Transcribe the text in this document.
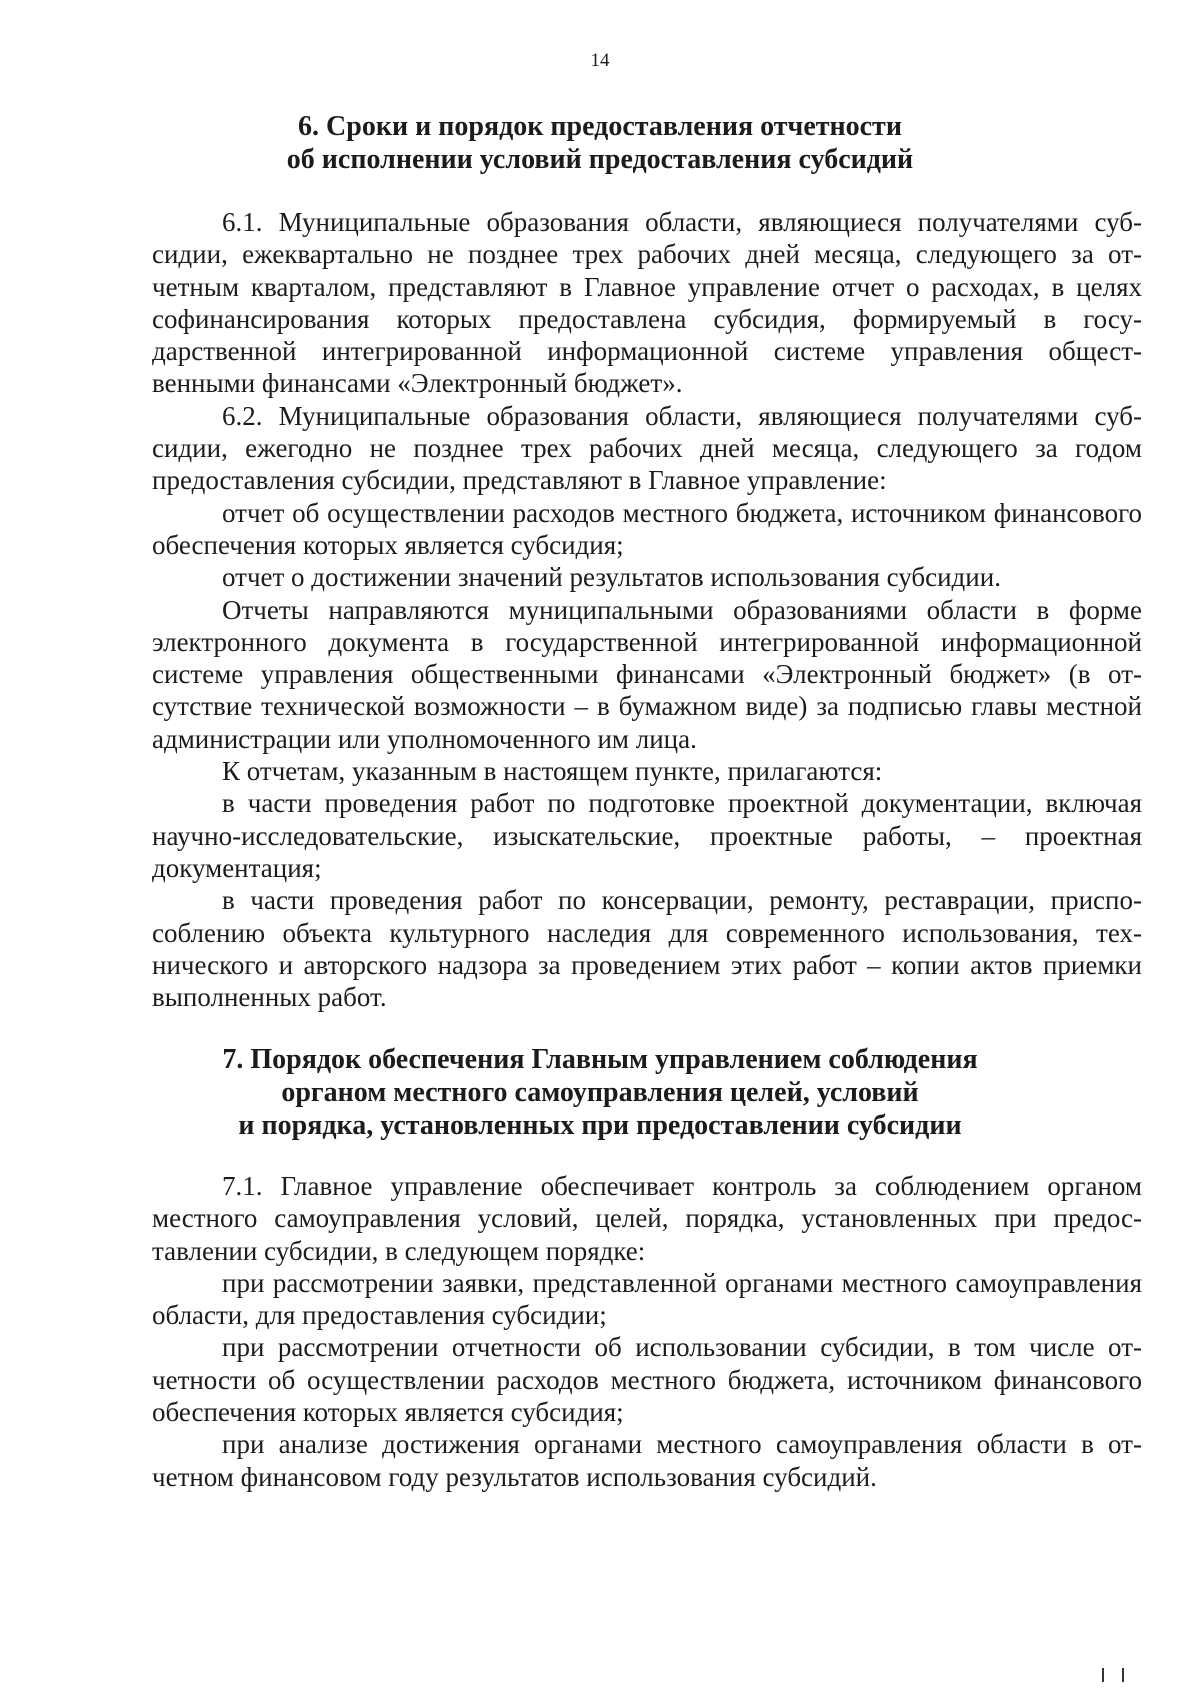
14
6. Сроки и порядок предоставления отчетности
об исполнении условий предоставления субсидий

6.1. Муниципальные образования области, являющиеся получателями субсидии, ежеквартально не позднее трех рабочих дней месяца, следующего за отчетным кварталом, представляют в Главное управление отчет о расходах, в целях софинансирования которых предоставлена субсидия, формируемый в государственной интегрированной информационной системе управления общественными финансами «Электронный бюджет».

6.2. Муниципальные образования области, являющиеся получателями субсидии, ежегодно не позднее трех рабочих дней месяца, следующего за годом предоставления субсидии, представляют в Главное управление:

отчет об осуществлении расходов местного бюджета, источником финансового обеспечения которых является субсидия;

отчет о достижении значений результатов использования субсидии.

Отчеты направляются муниципальными образованиями области в форме электронного документа в государственной интегрированной информационной системе управления общественными финансами «Электронный бюджет» (в отсутствие технической возможности – в бумажном виде) за подписью главы местной администрации или уполномоченного им лица.

К отчетам, указанным в настоящем пункте, прилагаются:

в части проведения работ по подготовке проектной документации, включая научно-исследовательские, изыскательские, проектные работы, – проектная документация;

в части проведения работ по консервации, ремонту, реставрации, приспособлению объекта культурного наследия для современного использования, технического и авторского надзора за проведением этих работ – копии актов приемки выполненных работ.

7. Порядок обеспечения Главным управлением соблюдения
органом местного самоуправления целей, условий
и порядка, установленных при предоставлении субсидии

7.1. Главное управление обеспечивает контроль за соблюдением органом местного самоуправления условий, целей, порядка, установленных при предоставлении субсидии, в следующем порядке:

при рассмотрении заявки, представленной органами местного самоуправления области, для предоставления субсидии;

при рассмотрении отчетности об использовании субсидии, в том числе отчетности об осуществлении расходов местного бюджета, источником финансового обеспечения которых является субсидия;

при анализе достижения органами местного самоуправления области в отчетном финансовом году результатов использования субсидий.
